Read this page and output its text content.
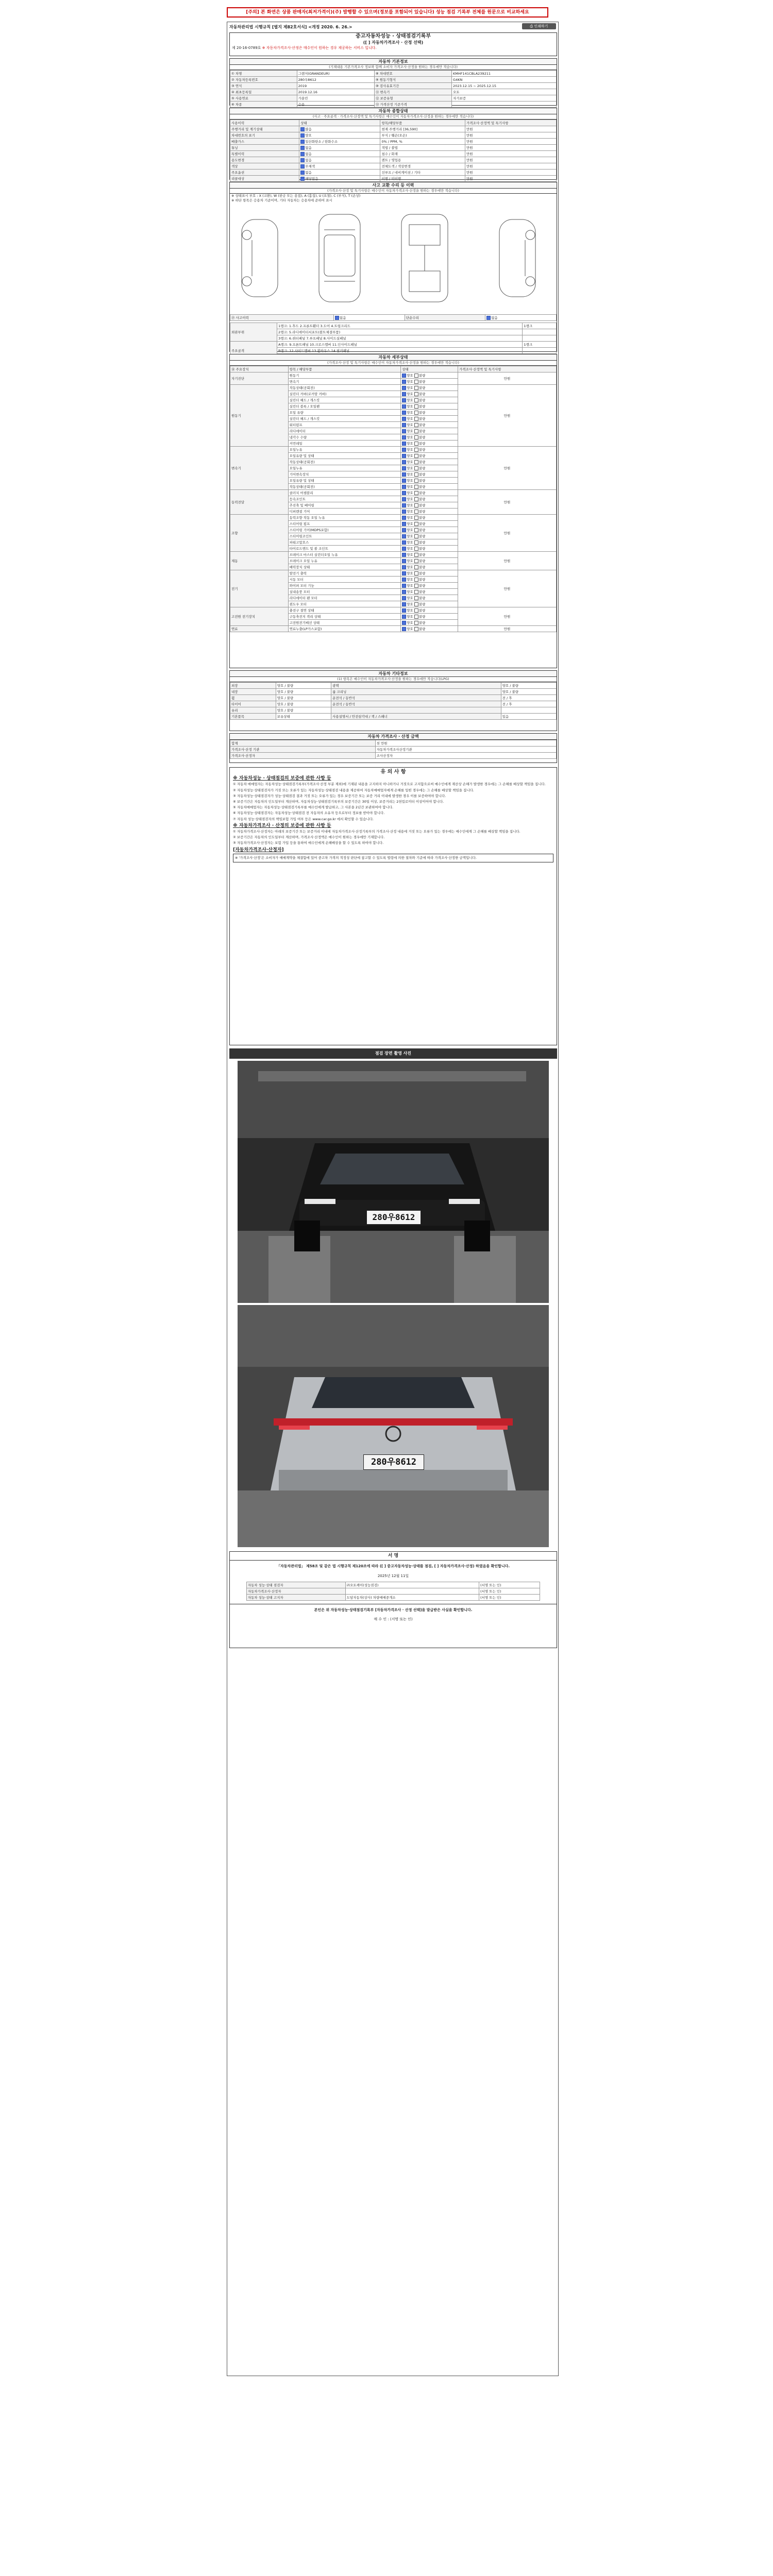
[주의] 본 화면은 상품 판매자(최저가격이)(주) 발행할 수 있으며(정보를 포함되어 있습니다) 성능 점검 기록부 전체를 원문으로 비교하세요
자동차관리법 시행규칙 [별지 제82호서식] <개정 2020. 6. 26.>	⎙ 인쇄하기
중고자동차성능 · 상태점검기록부
([ ] 자동차가격조사 · 산정 선택)
제 20-16-0789호 ※ 자동차가격조사·산정은 매수인이 원하는 경우 제공하는 서비스 입니다.
자동차 기본정보
(기재내용 기본가격조사 정보와 함께 소비자 가격조사·산정을 원하는 경우에만 적습니다)
① 차명	그랜저(GRANDEUR)	⑧ 차대번호	KMHF141CBLA239211
② 자동차등록번호	280우8612	⑨ 원동기형식	G4KN
③ 연식	2019	⑩ 검사유효기간	2023.12.15 ~ 2025.12.15
④ 최초등록일	2019.12.16	⑪ 변속기	오토
⑤ 사용연료	가솔린	⑫ 보증유형	자가보증
⑥ 차종	승용	⑬ 가격산정 기준가격	
자동차 종합상태
(사고 · 주요골격 · 가격조사·산정액 및 특기사항은 매수인이 자동차가격조사·산정을 원하는 경우에만 적습니다)
사용이력	상태	항목/해당부품	가격조사·산정액 및 특기사항
주행거리 및 계기상태	많음	현재 주행거리 [36,590]	만원
차대번호의 표기	양호	부식 / 훼손(오손)	만원
배출가스	일산화탄소 / 탄화수소	0% / PPM, %	만원
튜닝	없음	적법 / 불법	만원
특별이력	없음	침수 / 화재	만원
용도변경	없음	렌트 / 영업용	만원
색상	무채색	전체도색 / 색상변경	만원
주요옵션	없음	선루프 / 네비게이션 / 기타	만원
리콜대상	해당없음	이행 / 미이행	만원
사고 교환 수리 등 이력
(가격조사·산정 및 특기사항은 매수인이 자동차가격조사·산정을 원하는 경우에만 적습니다)
※ 상태표시 부호 : X (교환), W (판금 또는 용접), A (흠집), U (요철), C (부식), T (손상)
※ 하단 항목은 승용차 기준이며, 기타 자동차는 승용차에 준하여 표시
⑰ 사고이력	없음	단순수리	없음
외판부위	1랭크: 1.후드 2.프론트휀더 3.도어 4.트렁크리드	1랭크
	2랭크: 5.라디에이터서포트(볼트체결부품)	
	3랭크: 6.쿼터패널 7.루프패널 8.사이드실패널	
주요골격	A랭크: 9.프론트패널 10.크로스멤버 11.인사이드패널	1랭크
	B랭크: 12.사이드멤버 13.휠하우스 14.필러패널	

자동차 세부상태
(가격조사·산정 및 특기사항은 매수인이 자동차가격조사·산정을 원하는 경우에만 적습니다)
⑱ 주요장치	항목 / 해당부품	상태	가격조사·산정액 및 특기사항
자기진단	원동기	양호 불량	만원
	변속기	양호 불량	
원동기	작동상태(공회전)	양호 불량	만원
	실린더 커버(로커암 커버)	양호 불량	
	실린더 헤드 / 개스킷	양호 불량	
	실린더 블록 / 오일팬	양호 불량	
	오일 유량	양호 불량	
	실린더 헤드 / 개스킷	양호 불량	
	워터펌프	양호 불량	
	라디에이터	양호 불량	
	냉각수 수량	양호 불량	
	커먼레일	양호 불량	
변속기	오일누유	양호 불량	만원
	오일유량 및 상태	양호 불량	
	작동상태(공회전)	양호 불량	
	오일누유	양호 불량	
	기어변속장치	양호 불량	
	오일유량 및 상태	양호 불량	
	작동상태(공회전)	양호 불량	
동력전달	클러치 어셈블리	양호 불량	만원
	등속조인트	양호 불량	
	추진축 및 베어링	양호 불량	
	디퍼렌셜 기어	양호 불량	
조향	동력조향 작동 오일 누유	양호 불량	만원
	스티어링 펌프	양호 불량	
	스티어링 기어(MDPS포함)	양호 불량	
	스티어링조인트	양호 불량	
	파워고압호스	양호 불량	
	타이로드엔드 및 볼 조인트	양호 불량	
제동	브레이크 마스터 실린더오일 누유	양호 불량	만원
	브레이크 오일 누유	양호 불량	
	배력장치 상태	양호 불량	
전기	발전기 출력	양호 불량	만원
	시동 모터	양호 불량	
	와이퍼 모터 기능	양호 불량	
	실내송풍 모터	양호 불량	
	라디에이터 팬 모터	양호 불량	
	윈도우 모터	양호 불량	
고전원 전기장치	충전구 절연 상태	양호 불량	만원
	구동축전지 격리 상태	양호 불량	
	고전원전기배선 상태	양호 불량	
연료	연료누출(LP가스포함)	양호 불량	만원
자동차 기타정보
(1) 항목은 매수인이 자동차가격조사·산정을 원하는 경우에만 적습니다(LPG)
외장	양호 / 불량	광택	양호 / 불량
내장	양호 / 불량	룸 크리닝	양호 / 불량
휠	양호 / 불량	운전석 / 동반석	전 / 후
타이어	양호 / 불량	운전석 / 동반석	전 / 후
유리	양호 / 불량		
기본품목	보유상태	사용설명서 / 안전삼각대 / 잭 / 스패너	있음
자동차 가격조사 · 산정 금액
합계	천 만원
가격조사·산정 기관	자동차가격조사산정기관
가격조사·산정자	조사산정자
유 의 사 항
※ 자동차성능 · 상태점검의 보증에 관한 사항 등

① 자동차 매매업자는 자동차성능·상태점검기록부(가격조사·산정 부분 제외)에 기재된 내용을 고지하지 아니하거나 거짓으로 고지함으로써 매수인에게 재산상 손해가 발생한 경우에는 그 손해를 배상할 책임을 집니다.

② 자동차성능·상태점검자가 거짓 또는 오류가 있는 자동차성능·상태점검 내용을 제공하여 자동차매매업자에게 손해를 입힌 경우에는 그 손해를 배상할 책임을 집니다.

③ 자동차성능·상태점검자가 성능·상태점검 결과 거짓 또는 오류가 있는 경우 보증기간 또는 보증 거리 이내에 발생한 경우 이를 보증하여야 합니다.

④ 보증기간은 자동차의 인도일부터 계산하며, 자동차성능·상태점검기록부의 보증기간은 30일 이상, 보증거리는 2천킬로미터 이상이어야 합니다.

⑤ 자동차매매업자는 자동차성능·상태점검기록부를 매수인에게 발급하고, 그 사본을 2년간 보관하여야 합니다.

⑥ 자동차성능·상태점검자는 자동차성능·상태점검 전 자동차의 소유자 등으로부터 정보를 받아야 합니다.

⑦ 자동차 성능·상태점검자의 책임보험 가입 여부 등은 www.car.go.kr 에서 확인할 수 있습니다.

※ 자동차가격조사 · 산정의 보증에 관한 사항 등

① 자동차가격조사·산정자는 아래의 보증기간 또는 보증거리 이내에 자동차가격조사·산정기록부의 가격조사·산정 내용에 거짓 또는 오류가 있는 경우에는 매수인에게 그 손해를 배상할 책임을 집니다.

② 보증기간은 자동차의 인도일부터 계산하며, 가격조사·산정액은 매수인이 원하는 경우에만 기재합니다.

③ 자동차가격조사·산정자는 보험 가입 등을 통하여 매수인에게 손해배상을 할 수 있도록 하여야 합니다.

[자동차가격조사·산정자]

※ '가격조사·산정'은 소비자가 매매계약을 체결함에 있어 중고차 가격의 적정성 판단에 참고할 수 있도록 법령에 의한 절차와 기준에 따라 가격조사·산정한 금액입니다.

점검 장면 촬영 사진
280우8612
280우8612
서 명
「자동차관리법」 제58조 및 같은 법 시행규칙 제120조에 따라 ([ ] 중고자동차성능·상태를 점검, [ ] 자동차가격조사·산정) 하였음을 확인합니다.
2025년 12월 11일
자동차 성능·상태 점검자	㈜오토케어(성능점검)	(서명 또는 인)
자동차가격조사·산정자		(서명 또는 인)
자동차 성능·상태 고지자	도담자동차(상사) 차량매매중개소	(서명 또는 인)
본인은 위 자동차성능·상태점검기록부 [자동차가격조사 · 산정 선택]을 발급받은 사실을 확인합니다.
매 수 인 : (서명 또는 인)
